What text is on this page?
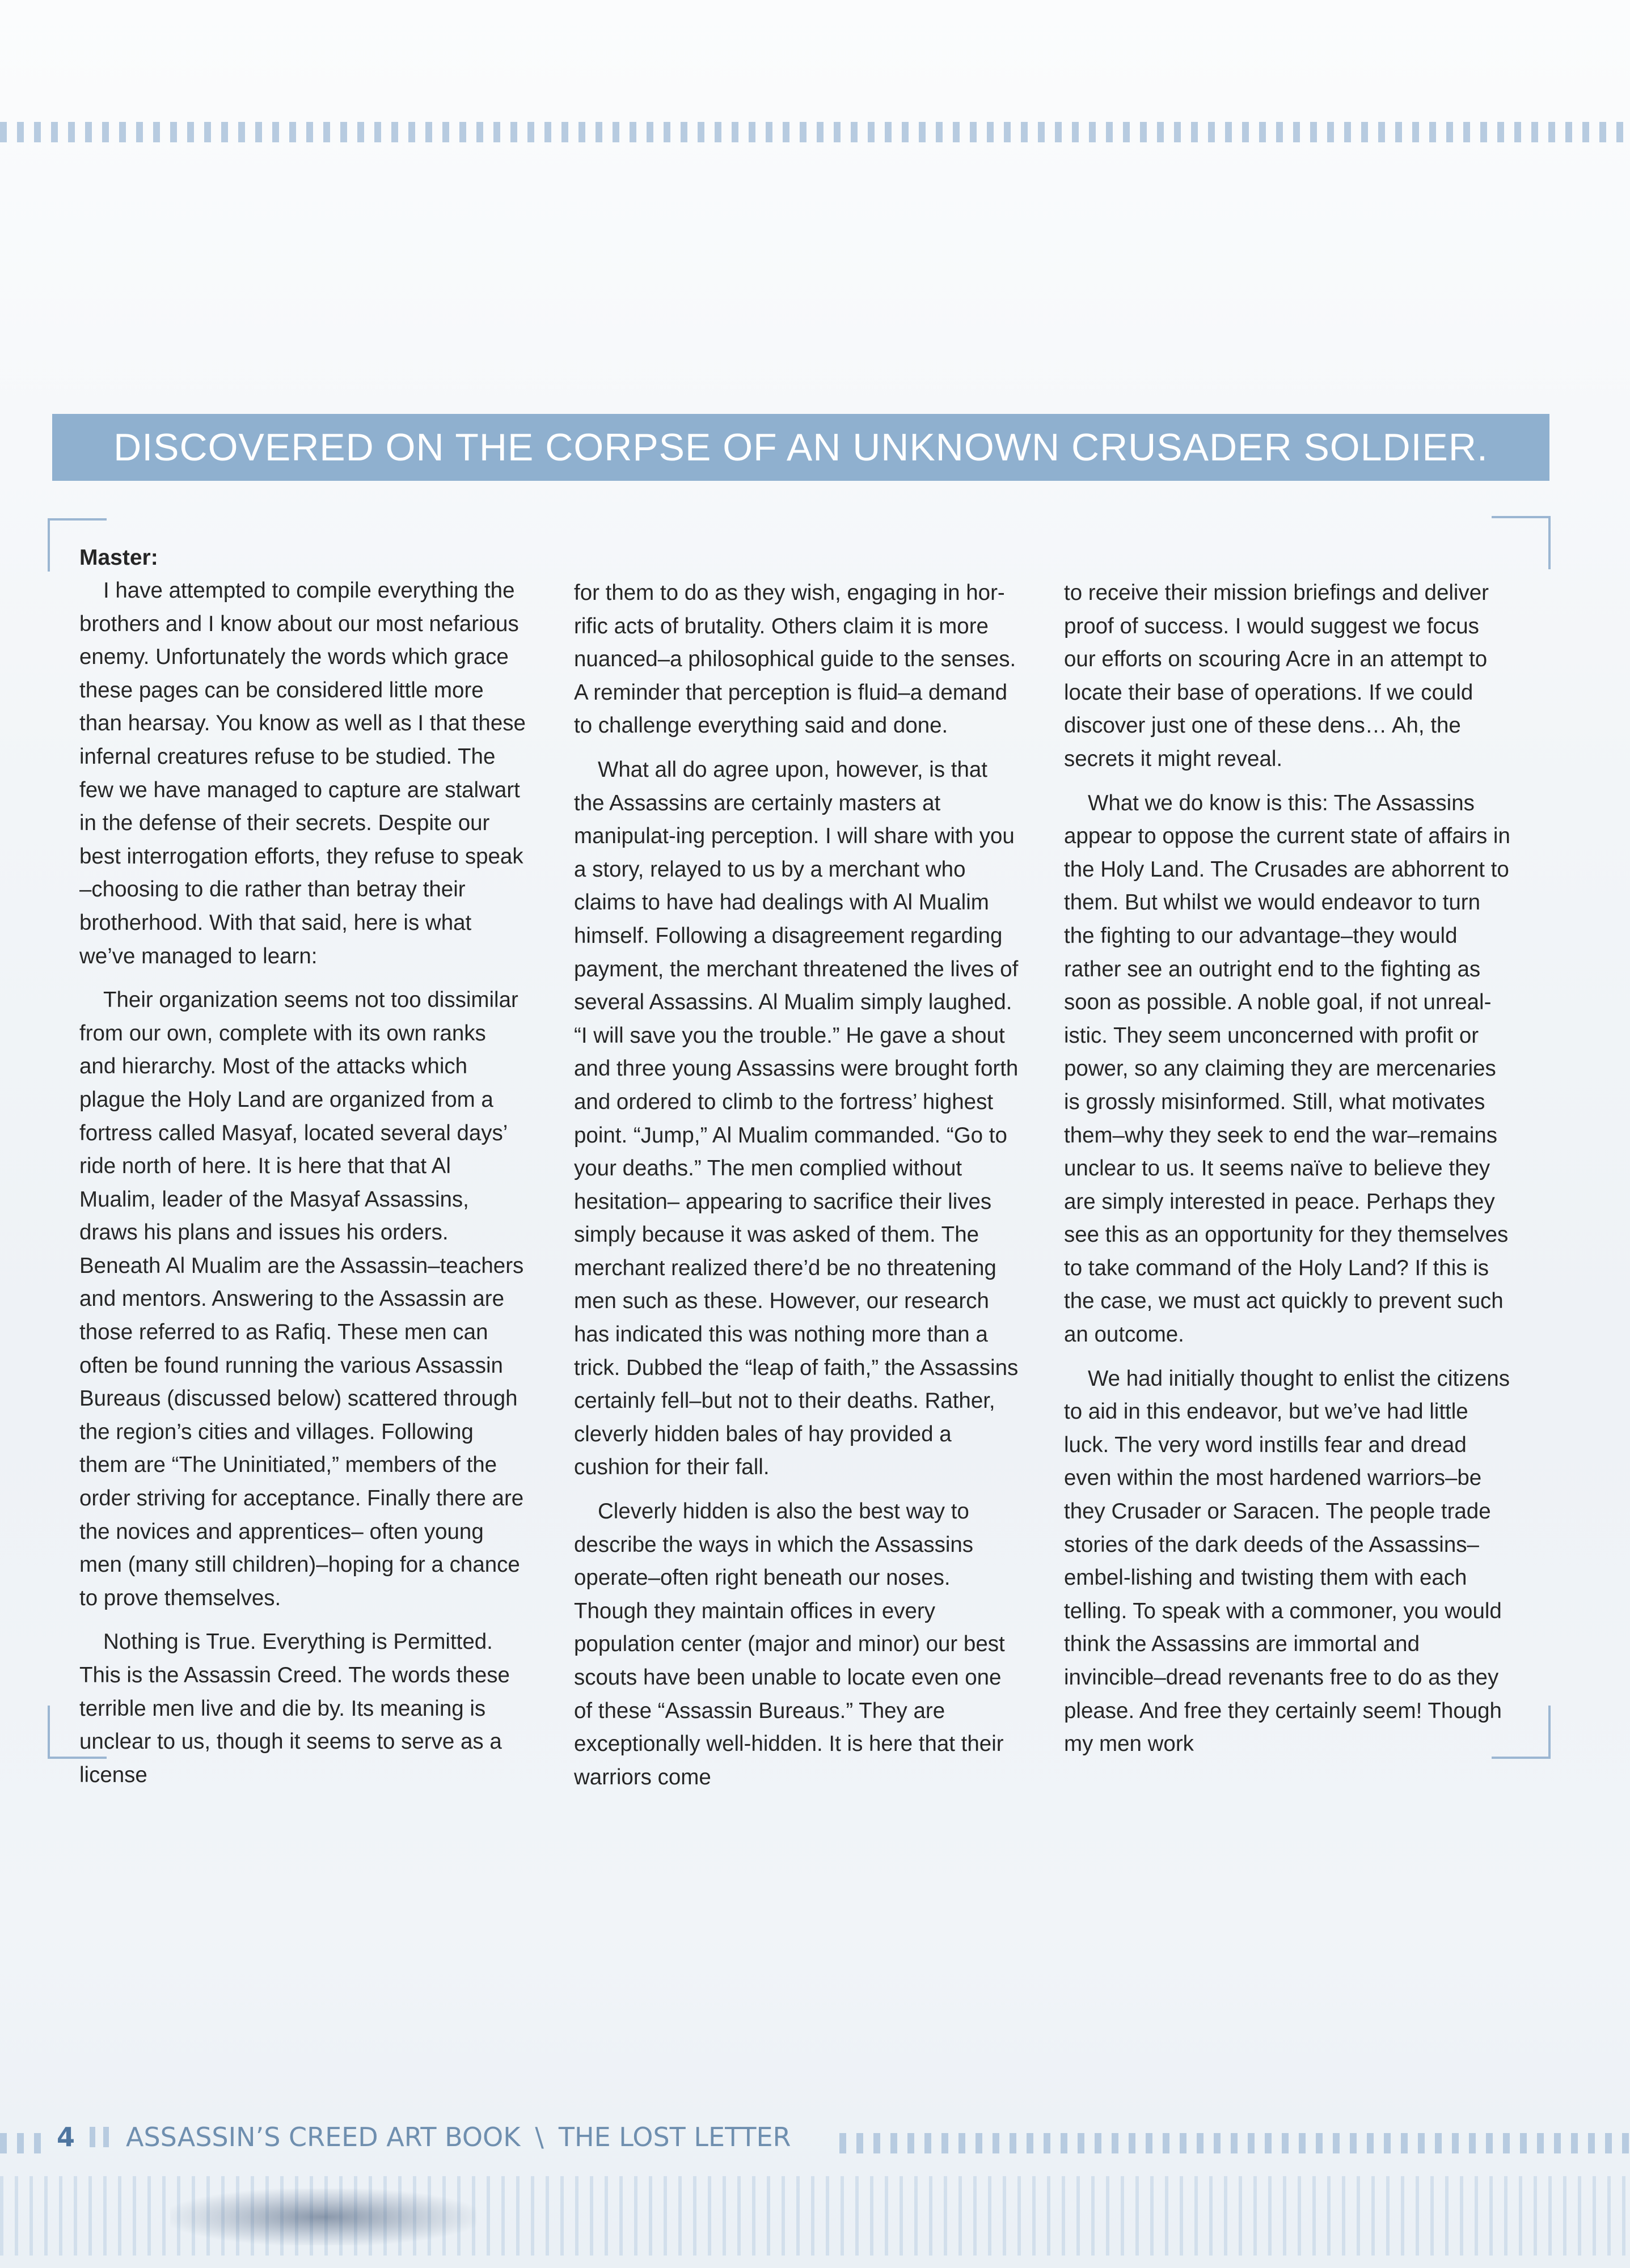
DISCOVERED ON THE CORPSE OF AN UNKNOWN CRUSADER SOLDIER.
Master:

I have attempted to compile everything the brothers and I know about our most nefarious enemy. Unfortunately the words which grace these pages can be considered little more than hearsay. You know as well as I that these infernal creatures refuse to be studied. The few we have managed to capture are stalwart in the defense of their secrets. Despite our best interrogation efforts, they refuse to speak –choosing to die rather than betray their brotherhood. With that said, here is what we’ve managed to learn:

Their organization seems not too dissimilar from our own, complete with its own ranks and hierarchy. Most of the attacks which plague the Holy Land are organized from a fortress called Masyaf, located several days’ ride north of here. It is here that that Al Mualim, leader of the Masyaf Assassins, draws his plans and issues his orders. Beneath Al Mualim are the Assassin–teachers and mentors. Answering to the Assassin are those referred to as Rafiq. These men can often be found running the various Assassin Bureaus (discussed below) scattered through the region’s cities and villages. Following them are “The Uninitiated,” members of the order striving for acceptance. Finally there are the novices and apprentices– often young men (many still children)–hoping for a chance to prove themselves.

Nothing is True. Everything is Permitted. This is the Assassin Creed. The words these terrible men live and die by. Its meaning is unclear to us, though it seems to serve as a license

for them to do as they wish, engaging in hor-rific acts of brutality. Others claim it is more nuanced–a philosophical guide to the senses. A reminder that perception is fluid–a demand to challenge everything said and done.

What all do agree upon, however, is that the Assassins are certainly masters at manipulat-ing perception. I will share with you a story, relayed to us by a merchant who claims to have had dealings with Al Mualim himself. Following a disagreement regarding payment, the merchant threatened the lives of several Assassins. Al Mualim simply laughed. “I will save you the trouble.” He gave a shout and three young Assassins were brought forth and ordered to climb to the fortress’ highest point. “Jump,” Al Mualim commanded. “Go to your deaths.” The men complied without hesitation– appearing to sacrifice their lives simply because it was asked of them. The merchant realized there’d be no threatening men such as these. However, our research has indicated this was nothing more than a trick. Dubbed the “leap of faith,” the Assassins certainly fell–but not to their deaths. Rather, cleverly hidden bales of hay provided a cushion for their fall.

Cleverly hidden is also the best way to describe the ways in which the Assassins operate–often right beneath our noses. Though they maintain offices in every population center (major and minor) our best scouts have been unable to locate even one of these “Assassin Bureaus.” They are exceptionally well-hidden. It is here that their warriors come

to receive their mission briefings and deliver proof of success. I would suggest we focus our efforts on scouring Acre in an attempt to locate their base of operations. If we could discover just one of these dens… Ah, the secrets it might reveal.

What we do know is this: The Assassins appear to oppose the current state of affairs in the Holy Land. The Crusades are abhorrent to them. But whilst we would endeavor to turn the fighting to our advantage–they would rather see an outright end to the fighting as soon as possible. A noble goal, if not unreal-istic. They seem unconcerned with profit or power, so any claiming they are mercenaries is grossly misinformed. Still, what motivates them–why they seek to end the war–remains unclear to us. It seems naïve to believe they are simply interested in peace. Perhaps they see this as an opportunity for they themselves to take command of the Holy Land? If this is the case, we must act quickly to prevent such an outcome.

We had initially thought to enlist the citizens to aid in this endeavor, but we’ve had little luck. The very word instills fear and dread even within the most hardened warriors–be they Crusader or Saracen. The people trade stories of the dark deeds of the Assassins–embel-lishing and twisting them with each telling. To speak with a commoner, you would think the Assassins are immortal and invincible–dread revenants free to do as they please. And free they certainly seem! Though my men work

4 ASSASSIN’S CREED ART BOOK \ THE LOST LETTER
